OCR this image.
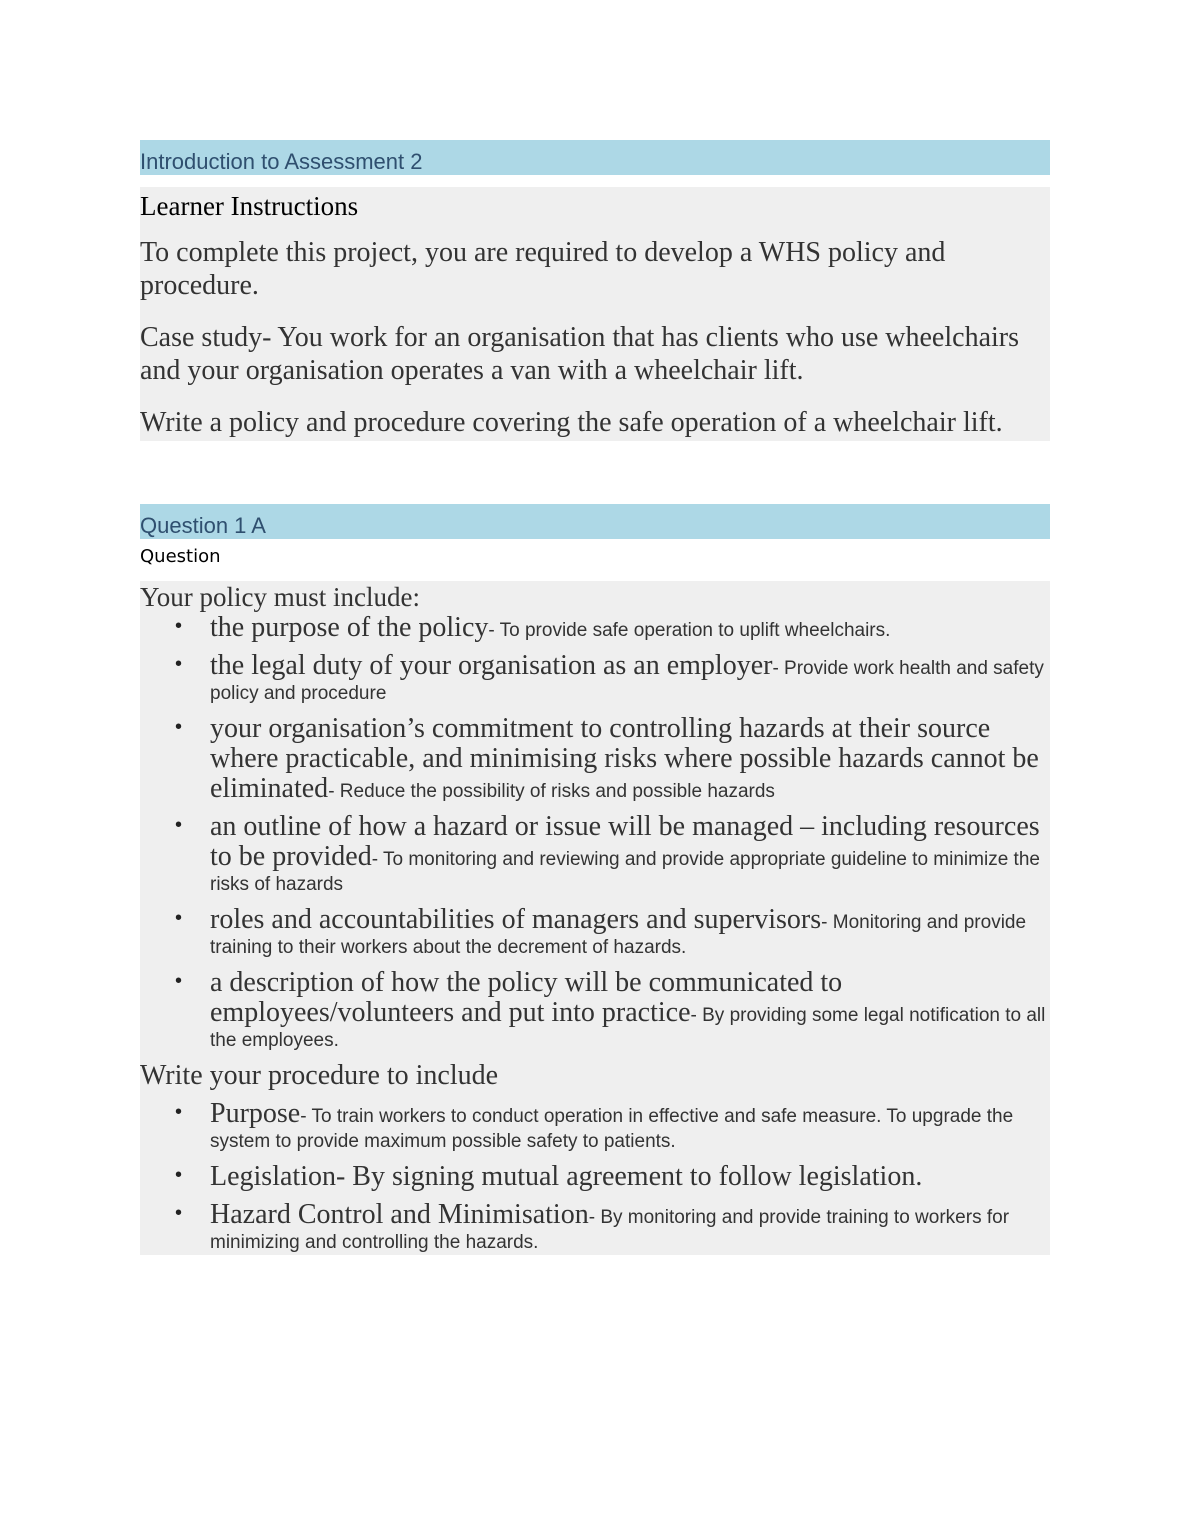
Introduction to Assessment 2
Learner Instructions

To complete this project, you are required to develop a WHS policy and procedure.

Case study- You work for an organisation that has clients who use wheelchairs and your organisation operates a van with a wheelchair lift.

Write a policy and procedure covering the safe operation of a wheelchair lift.

Question 1 A
Question
Your policy must include:
• the purpose of the policy- To provide safe operation to uplift wheelchairs.
• the legal duty of your organisation as an employer- Provide work health and safety policy and procedure
• your organisation’s commitment to controlling hazards at their source where practicable, and minimising risks where possible hazards cannot be eliminated- Reduce the possibility of risks and possible hazards
• an outline of how a hazard or issue will be managed – including resources to be provided- To monitoring and reviewing and provide appropriate guideline to minimize the risks of hazards
• roles and accountabilities of managers and supervisors- Monitoring and provide training to their workers about the decrement of hazards.
• a description of how the policy will be communicated to employees/volunteers and put into practice- By providing some legal notification to all the employees.
Write your procedure to include
• Purpose- To train workers to conduct operation in effective and safe measure. To upgrade the system to provide maximum possible safety to patients.
• Legislation- By signing mutual agreement to follow legislation.
• Hazard Control and Minimisation- By monitoring and provide training to workers for minimizing and controlling the hazards.
